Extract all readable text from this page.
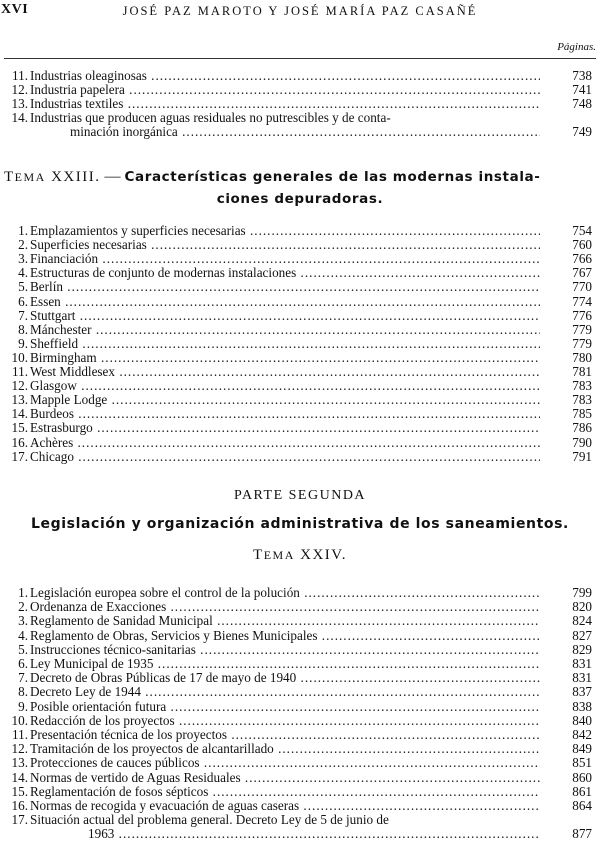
XVI	JOSÉ PAZ MAROTO Y JOSÉ MARÍA PAZ CASAÑÉ
Páginas.
11. Industrias oleaginosas .....	738
12. Industria papelera .....	741
13. Industrias textiles .....	748
14. Industrias que producen aguas residuales no putrescibles y de conta-
minación inorgánica .....	749
TEMA XXIII. — Características generales de las modernas instala-
ciones depuradoras.
1. Emplazamientos y superficies necesarias .....	754
2. Superficies necesarias .....	760
3. Financiación .....	766
4. Estructuras de conjunto de modernas instalaciones .....	767
5. Berlín .....	770
6. Essen .....	774
7. Stuttgart .....	776
8. Mánchester .....	779
9. Sheffield .....	779
10. Birmingham .....	780
11. West Middlesex .....	781
12. Glasgow .....	783
13. Mapple Lodge .....	783
14. Burdeos .....	785
15. Estrasburgo .....	786
16. Achères .....	790
17. Chicago .....	791
PARTE SEGUNDA
Legislación y organización administrativa de los saneamientos.
TEMA XXIV.
1. Legislación europea sobre el control de la polución .....	799
2. Ordenanza de Exacciones .....	820
3. Reglamento de Sanidad Municipal .....	824
4. Reglamento de Obras, Servicios y Bienes Municipales .....	827
5. Instrucciones técnico-sanitarias .....	829
6. Ley Municipal de 1935 .....	831
7. Decreto de Obras Públicas de 17 de mayo de 1940 .....	831
8. Decreto Ley de 1944 .....	837
9. Posible orientación futura .....	838
10. Redacción de los proyectos .....	840
11. Presentación técnica de los proyectos .....	842
12. Tramitación de los proyectos de alcantarillado .....	849
13. Protecciones de cauces públicos .....	851
14. Normas de vertido de Aguas Residuales .....	860
15. Reglamentación de fosos sépticos .....	861
16. Normas de recogida y evacuación de aguas caseras .....	864
17. Situación actual del problema general. Decreto Ley de 5 de junio de
1963 .....	877
